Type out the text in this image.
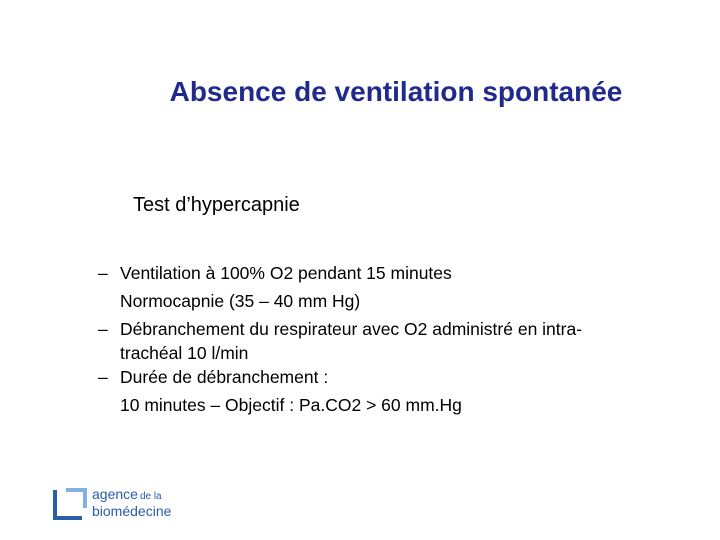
Absence de ventilation spontanée
Test d’hypercapnie
– Ventilation à 100% O2 pendant 15 minutes
Normocapnie (35 – 40 mm Hg)
– Débranchement du respirateur avec O2 administré en intra-
trachéal 10 l/min
– Durée de débranchement :
10 minutes – Objectif : Pa.CO2 > 60 mm.Hg
agence de la
biomédecine
